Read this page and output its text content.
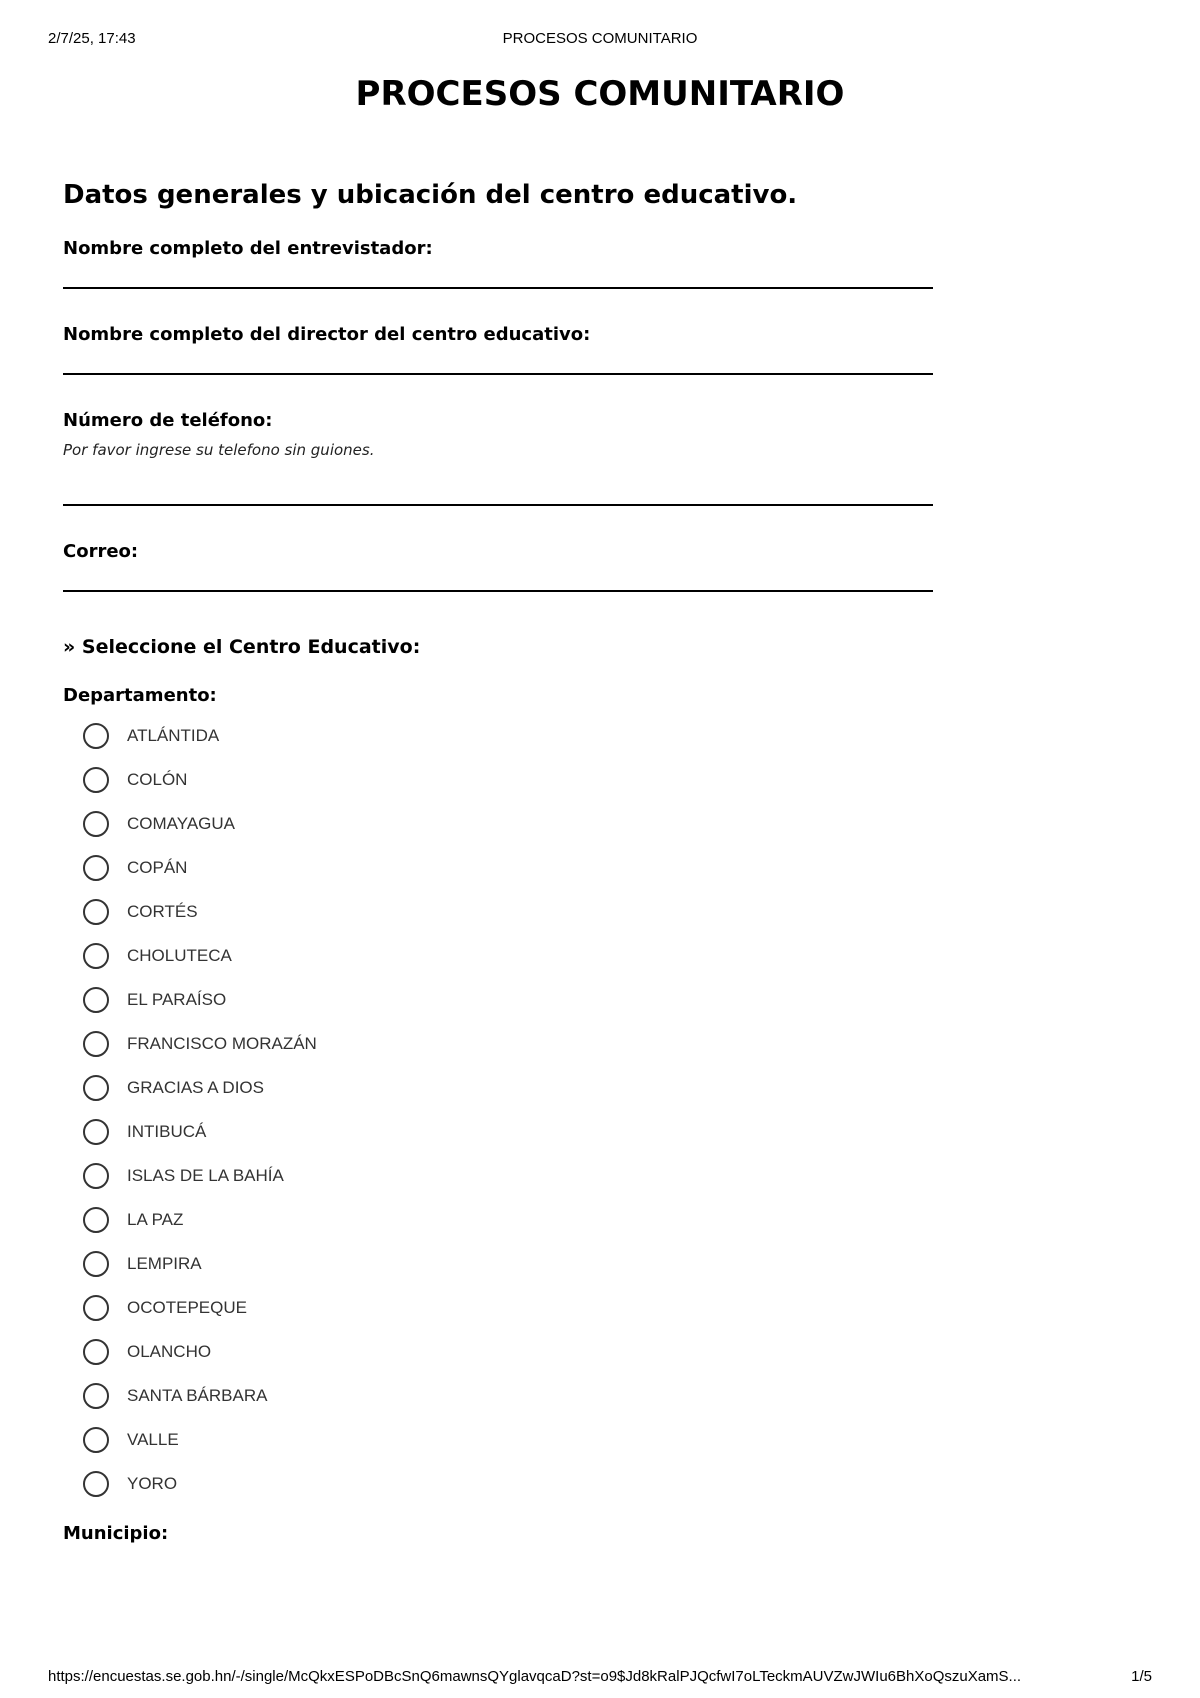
2/7/25, 17:43	PROCESOS COMUNITARIO
PROCESOS COMUNITARIO
Datos generales y ubicación del centro educativo.
Nombre completo del entrevistador:
Nombre completo del director del centro educativo:
Número de teléfono:
Por favor ingrese su telefono sin guiones.
Correo:
» Seleccione el Centro Educativo:
Departamento:
ATLÁNTIDA
COLÓN
COMAYAGUA
COPÁN
CORTÉS
CHOLUTECA
EL PARAÍSO
FRANCISCO MORAZÁN
GRACIAS A DIOS
INTIBUCÁ
ISLAS DE LA BAHÍA
LA PAZ
LEMPIRA
OCOTEPEQUE
OLANCHO
SANTA BÁRBARA
VALLE
YORO
Municipio:
https://encuestas.se.gob.hn/-/single/McQkxESPoDBcSnQ6mawnsQYglavqcaD?st=o9$Jd8kRalPJQcfwI7oLTeckmAUVZwJWIu6BhXoQszuXamS...	1/5
